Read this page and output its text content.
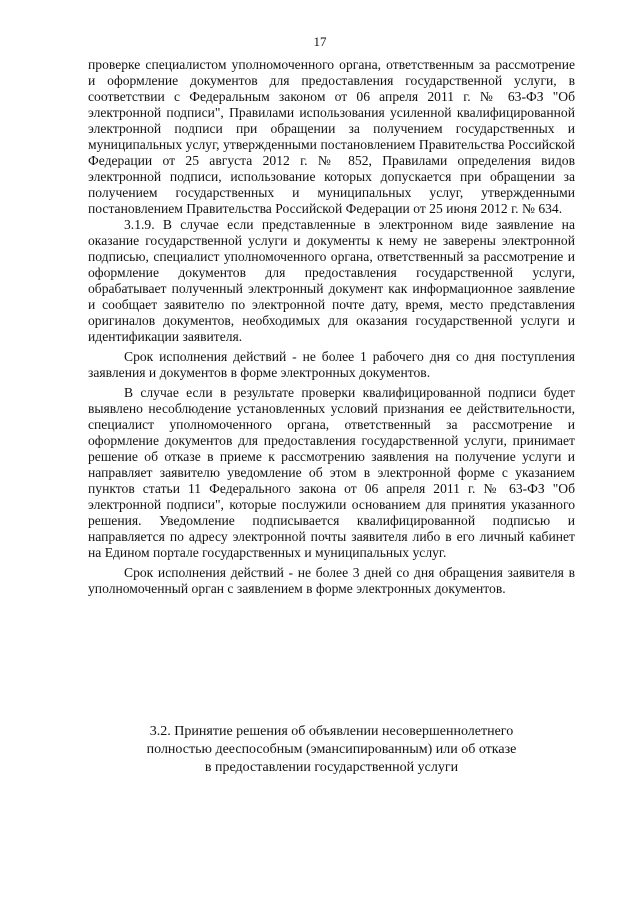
17

проверке специалистом уполномоченного органа, ответственным за рассмотрение и оформление документов для предоставления государственной услуги, в соответствии с Федеральным законом от 06 апреля 2011 г. № 63-ФЗ "Об электронной подписи", Правилами использования усиленной квалифицированной электронной подписи при обращении за получением государственных и муниципальных услуг, утвержденными постановлением Правительства Российской Федерации от 25 августа 2012 г. № 852, Правилами определения видов электронной подписи, использование которых допускается при обращении за получением государственных и муниципальных услуг, утвержденными постановлением Правительства Российской Федерации от 25 июня 2012 г. № 634.

3.1.9. В случае если представленные в электронном виде заявление на оказание государственной услуги и документы к нему не заверены электронной подписью, специалист уполномоченного органа, ответственный за рассмотрение и оформление документов для предоставления государственной услуги, обрабатывает полученный электронный документ как информационное заявление и сообщает заявителю по электронной почте дату, время, место представления оригиналов документов, необходимых для оказания государственной услуги и идентификации заявителя.

Срок исполнения действий - не более 1 рабочего дня со дня поступления заявления и документов в форме электронных документов.

В случае если в результате проверки квалифицированной подписи будет выявлено несоблюдение установленных условий признания ее действительности, специалист уполномоченного органа, ответственный за рассмотрение и оформление документов для предоставления государственной услуги, принимает решение об отказе в приеме к рассмотрению заявления на получение услуги и направляет заявителю уведомление об этом в электронной форме с указанием пунктов статьи 11 Федерального закона от 06 апреля 2011 г. № 63-ФЗ "Об электронной подписи", которые послужили основанием для принятия указанного решения. Уведомление подписывается квалифицированной подписью и направляется по адресу электронной почты заявителя либо в его личный кабинет на Едином портале государственных и муниципальных услуг.

Срок исполнения действий - не более 3 дней со дня обращения заявителя в уполномоченный орган с заявлением в форме электронных документов.

3.2. Принятие решения об объявлении несовершеннолетнего
полностью дееспособным (эмансипированным) или об отказе
в предоставлении государственной услуги
